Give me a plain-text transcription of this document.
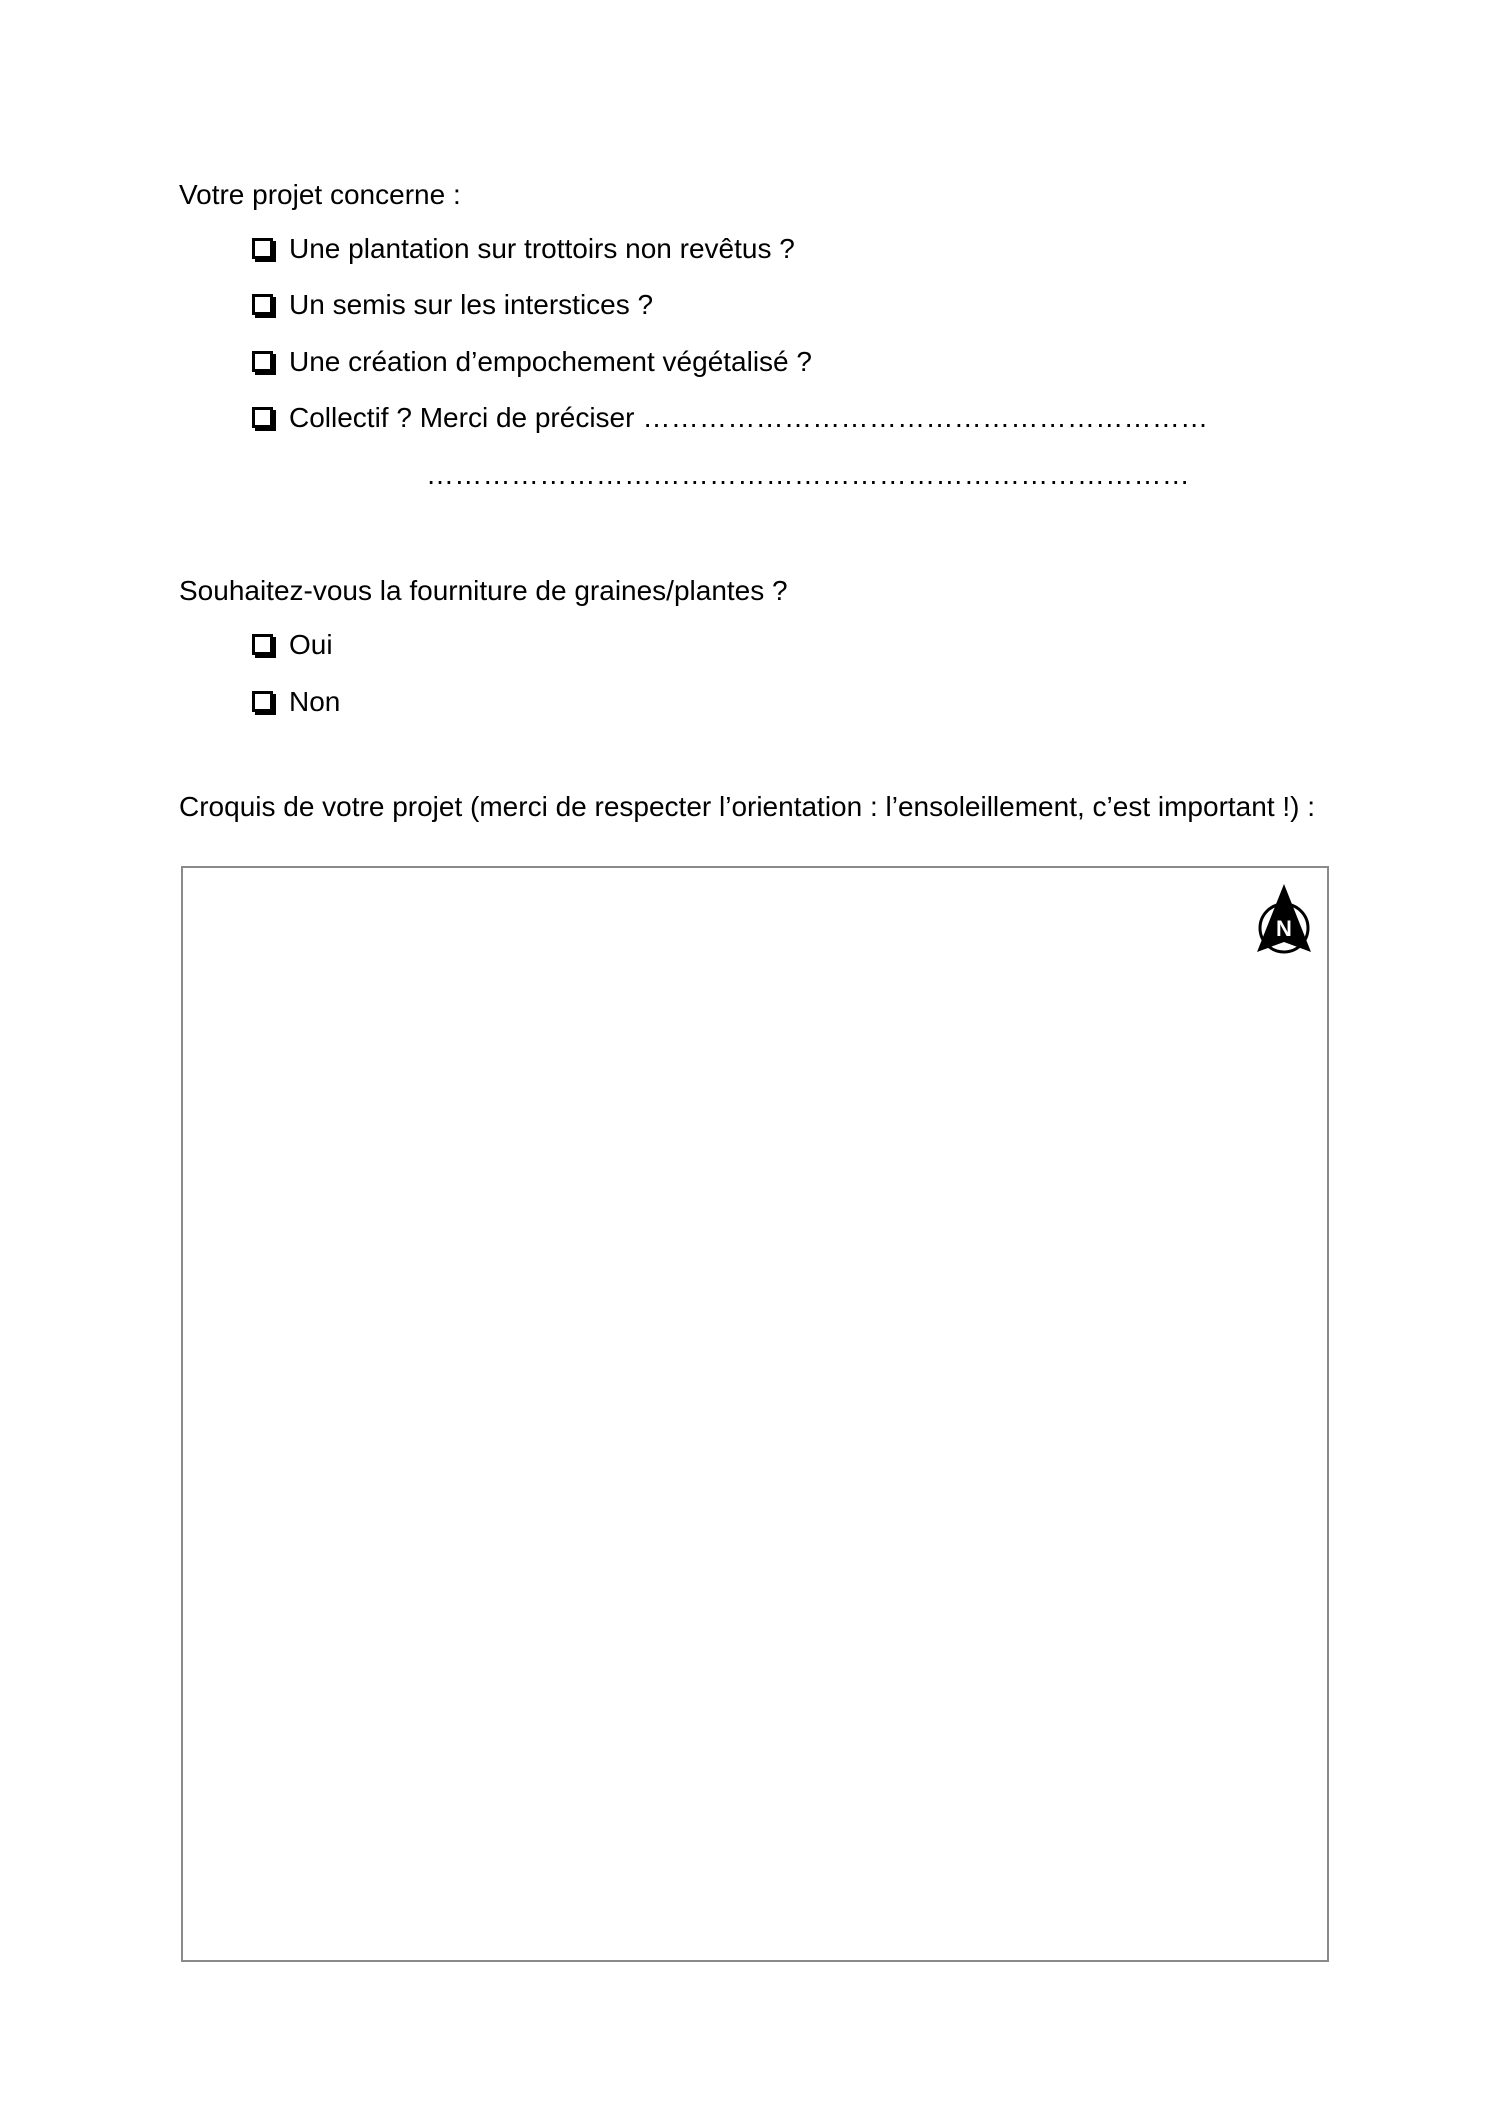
Votre projet concerne :
Une plantation sur trottoirs non revêtus ?
Un semis sur les interstices ?
Une création d’empochement végétalisé ?
Collectif ? Merci de préciser ……………………………………………………
………………………………………………………………………
Souhaitez-vous la fourniture de graines/plantes ?
Oui
Non
Croquis de votre projet (merci de respecter l’orientation : l’ensoleillement, c’est important !) :
N
